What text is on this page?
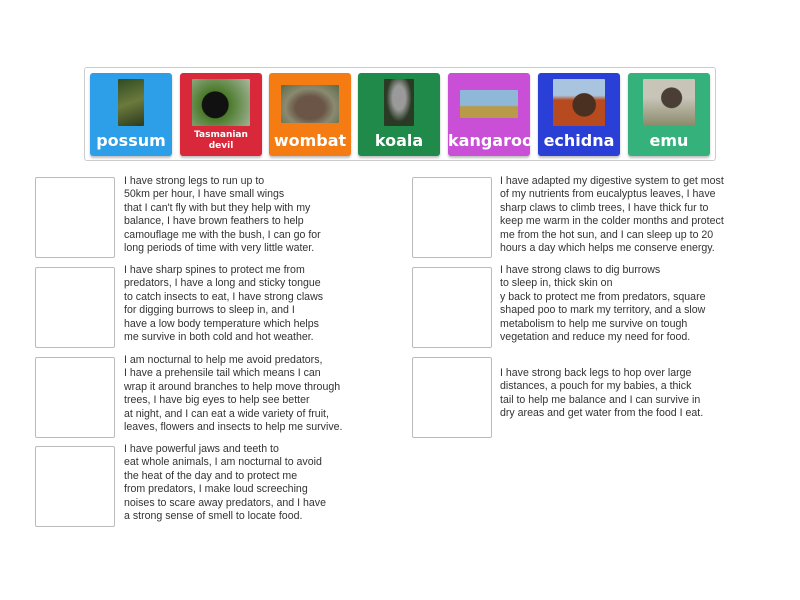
possum	Tasmanian devil	wombat	koala	kangaroo echidna	emu
I have strong legs to run up to
50km per hour, I have small wings
that I can't fly with but they help with my
balance, I have brown feathers to help
camouflage me with the bush, I can go for
long periods of time with very little water.
I have sharp spines to protect me from
predators, I have a long and sticky tongue
to catch insects to eat, I have strong claws
for digging burrows to sleep in, and I
have a low body temperature which helps
me survive in both cold and hot weather.
I am nocturnal to help me avoid predators,
I have a prehensile tail which means I can
wrap it around branches to help move through
trees, I have big eyes to help see better
at night, and I can eat a wide variety of fruit,
leaves, flowers and insects to help me survive.
I have powerful jaws and teeth to
eat whole animals, I am nocturnal to avoid
the heat of the day and to protect me
from predators, I make loud screeching
noises to scare away predators, and I have
a strong sense of smell to locate food.
I have adapted my digestive system to get most
of my nutrients from eucalyptus leaves, I have
sharp claws to climb trees, I have thick fur to
keep me warm in the colder months and protect
me from the hot sun, and I can sleep up to 20
hours a day which helps me conserve energy.
I have strong claws to dig burrows
to sleep in, thick skin on
y back to protect me from predators, square
shaped poo to mark my territory, and a slow
metabolism to help me survive on tough
vegetation and reduce my need for food.
I have strong back legs to hop over large
distances, a pouch for my babies, a thick
tail to help me balance and I can survive in
dry areas and get water from the food I eat.
